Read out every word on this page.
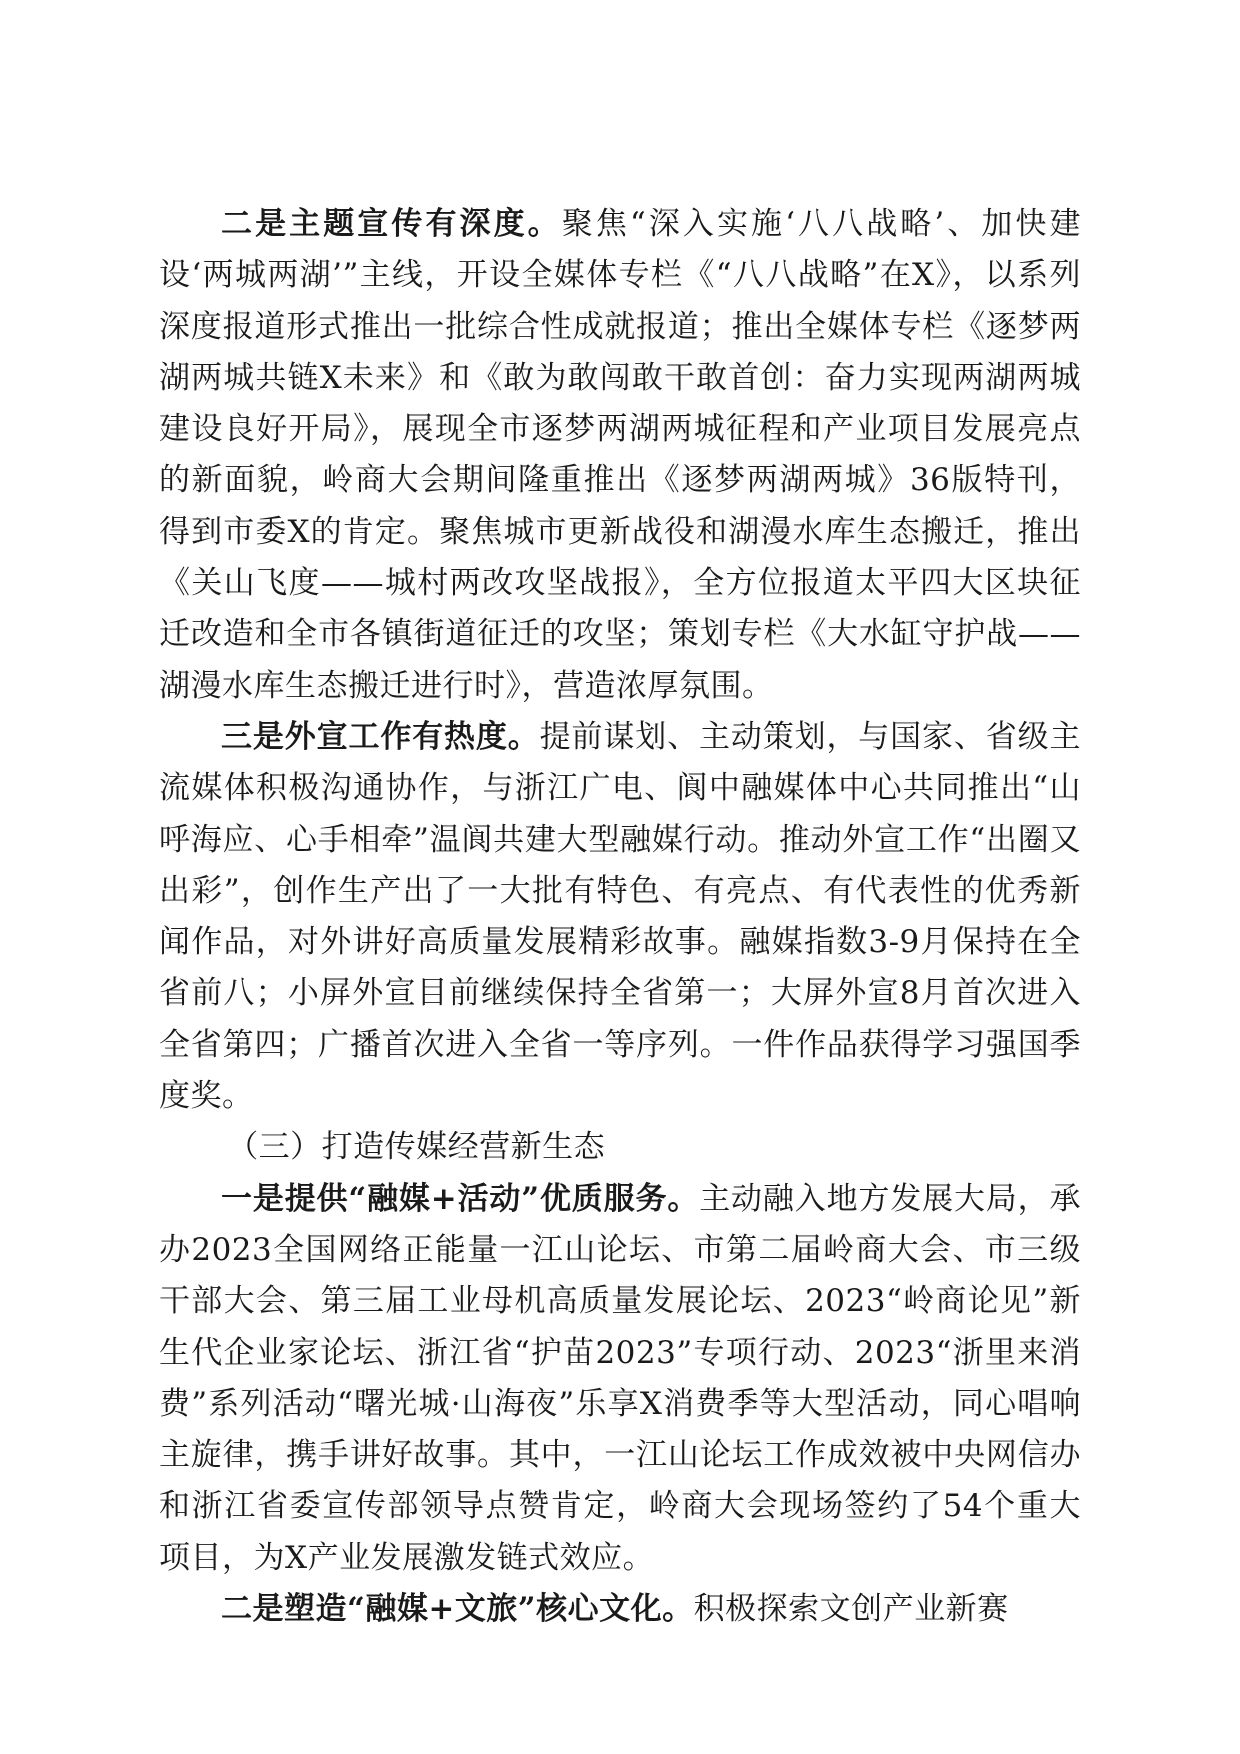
二是主题宣传有深度。聚焦“深入实施‘八八战略’、加快建设‘两城两湖’”主线，开设全媒体专栏《“八八战略”在X》，以系列深度报道形式推出一批综合性成就报道；推出全媒体专栏《逐梦两湖两城共链X未来》和《敢为敢闯敢干敢首创：奋力实现两湖两城建设良好开局》，展现全市逐梦两湖两城征程和产业项目发展亮点的新面貌，岭商大会期间隆重推出《逐梦两湖两城》36版特刊，得到市委X的肯定。聚焦城市更新战役和湖漫水库生态搬迁，推出《关山飞度——城村两改攻坚战报》，全方位报道太平四大区块征迁改造和全市各镇街道征迁的攻坚；策划专栏《大水缸守护战——湖漫水库生态搬迁进行时》，营造浓厚氛围。

三是外宣工作有热度。提前谋划、主动策划，与国家、省级主流媒体积极沟通协作，与浙江广电、阆中融媒体中心共同推出“山呼海应、心手相牵”温阆共建大型融媒行动。推动外宣工作“出圈又出彩”，创作生产出了一大批有特色、有亮点、有代表性的优秀新闻作品，对外讲好高质量发展精彩故事。融媒指数3-9月保持在全省前八；小屏外宣目前继续保持全省第一；大屏外宣8月首次进入全省第四；广播首次进入全省一等序列。一件作品获得学习强国季度奖。

（三）打造传媒经营新生态

一是提供“融媒+活动”优质服务。主动融入地方发展大局，承办2023全国网络正能量一江山论坛、市第二届岭商大会、市三级干部大会、第三届工业母机高质量发展论坛、2023“岭商论见”新生代企业家论坛、浙江省“护苗2023”专项行动、2023“浙里来消费”系列活动“曙光城·山海夜”乐享X消费季等大型活动，同心唱响主旋律，携手讲好故事。其中，一江山论坛工作成效被中央网信办和浙江省委宣传部领导点赞肯定，岭商大会现场签约了54个重大项目，为X产业发展激发链式效应。

二是塑造“融媒+文旅”核心文化。积极探索文创产业新赛
